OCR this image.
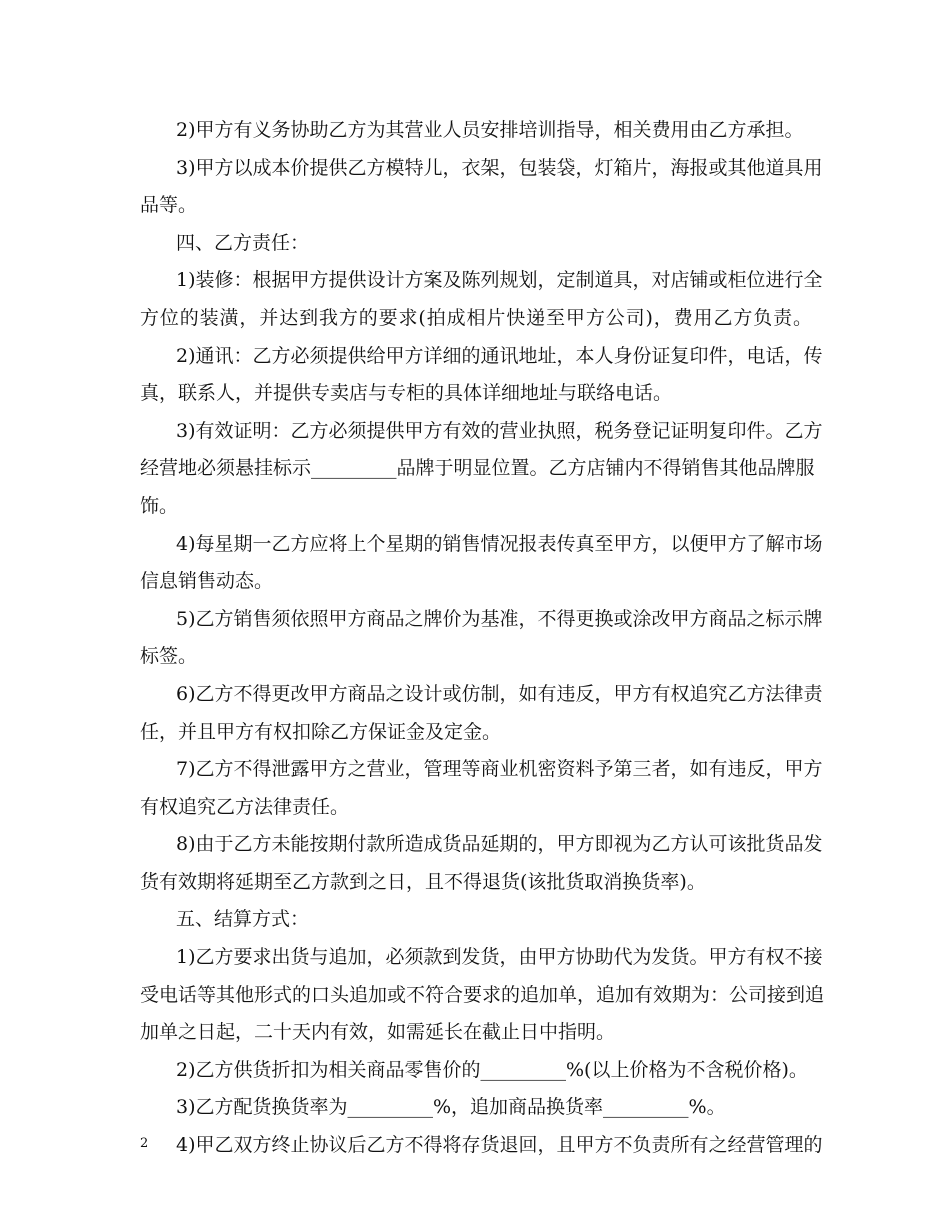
2)甲方有义务协助乙方为其营业人员安排培训指导，相关费用由乙方承担。
3)甲方以成本价提供乙方模特儿，衣架，包装袋，灯箱片，海报或其他道具用
品等。
四、乙方责任：
1)装修：根据甲方提供设计方案及陈列规划，定制道具，对店铺或柜位进行全
方位的装潢，并达到我方的要求(拍成相片快递至甲方公司)，费用乙方负责。
2)通讯：乙方必须提供给甲方详细的通讯地址，本人身份证复印件，电话，传
真，联系人，并提供专卖店与专柜的具体详细地址与联络电话。
3)有效证明：乙方必须提供甲方有效的营业执照，税务登记证明复印件。乙方
经营地必须悬挂标示_________品牌于明显位置。乙方店铺内不得销售其他品牌服
饰。
4)每星期一乙方应将上个星期的销售情况报表传真至甲方，以便甲方了解市场
信息销售动态。
5)乙方销售须依照甲方商品之牌价为基准，不得更换或涂改甲方商品之标示牌
标签。
6)乙方不得更改甲方商品之设计或仿制，如有违反，甲方有权追究乙方法律责
任，并且甲方有权扣除乙方保证金及定金。
7)乙方不得泄露甲方之营业，管理等商业机密资料予第三者，如有违反，甲方
有权追究乙方法律责任。
8)由于乙方未能按期付款所造成货品延期的，甲方即视为乙方认可该批货品发
货有效期将延期至乙方款到之日，且不得退货(该批货取消换货率)。
五、结算方式：
1)乙方要求出货与追加，必须款到发货，由甲方协助代为发货。甲方有权不接
受电话等其他形式的口头追加或不符合要求的追加单，追加有效期为：公司接到追
加单之日起，二十天内有效，如需延长在截止日中指明。
2)乙方供货折扣为相关商品零售价的_________%(以上价格为不含税价格)。
3)乙方配货换货率为_________%，追加商品换货率_________%。
4)甲乙双方终止协议后乙方不得将存货退回，且甲方不负责所有之经营管理的
2
